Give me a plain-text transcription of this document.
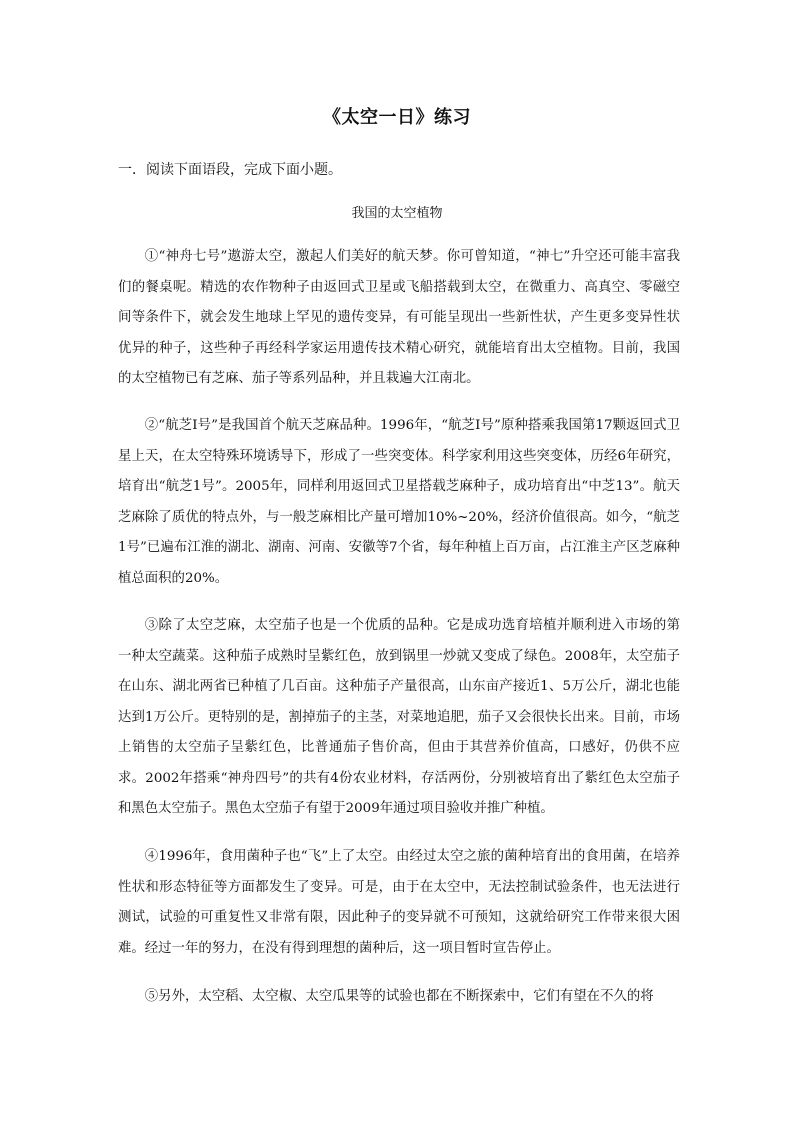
《太空一日》练习
一．阅读下面语段，完成下面小题。
我国的太空植物

①“神舟七号”遨游太空，激起人们美好的航天梦。你可曾知道，“神七”升空还可能丰富我们的餐桌呢。精选的农作物种子由返回式卫星或飞船搭载到太空，在微重力、高真空、零磁空间等条件下，就会发生地球上罕见的遗传变异，有可能呈现出一些新性状，产生更多变异性状优异的种子，这些种子再经科学家运用遗传技术精心研究，就能培育出太空植物。目前，我国的太空植物已有芝麻、茄子等系列品种，并且栽遍大江南北。

②“航芝Ⅰ号”是我国首个航天芝麻品种。1996年，“航芝Ⅰ号”原种搭乘我国第17颗返回式卫星上天，在太空特殊环境诱导下，形成了一些突变体。科学家利用这些突变体，历经6年研究，培育出“航芝1号”。2005年，同样利用返回式卫星搭载芝麻种子，成功培育出“中芝13”。航天芝麻除了质优的特点外，与一般芝麻相比产量可增加10%~20%，经济价值很高。如今，“航芝1号”已遍布江淮的湖北、湖南、河南、安徽等7个省，每年种植上百万亩，占江淮主产区芝麻种植总面积的20%。

③除了太空芝麻，太空茄子也是一个优质的品种。它是成功选育培植并顺利进入市场的第一种太空蔬菜。这种茄子成熟时呈紫红色，放到锅里一炒就又变成了绿色。2008年，太空茄子在山东、湖北两省已种植了几百亩。这种茄子产量很高，山东亩产接近1、5万公斤，湖北也能达到1万公斤。更特别的是，割掉茄子的主茎，对菜地追肥，茄子又会很快长出来。目前，市场上销售的太空茄子呈紫红色，比普通茄子售价高，但由于其营养价值高，口感好，仍供不应求。2002年搭乘“神舟四号”的共有4份农业材料，存活两份，分别被培育出了紫红色太空茄子和黑色太空茄子。黑色太空茄子有望于2009年通过项目验收并推广种植。

④1996年，食用菌种子也“飞”上了太空。由经过太空之旅的菌种培育出的食用菌，在培养性状和形态特征等方面都发生了变异。可是，由于在太空中，无法控制试验条件，也无法进行测试，试验的可重复性又非常有限，因此种子的变异就不可预知，这就给研究工作带来很大困难。经过一年的努力，在没有得到理想的菌种后，这一项目暂时宣告停止。

⑤另外，太空稻、太空椒、太空瓜果等的试验也都在不断探索中，它们有望在不久的将
